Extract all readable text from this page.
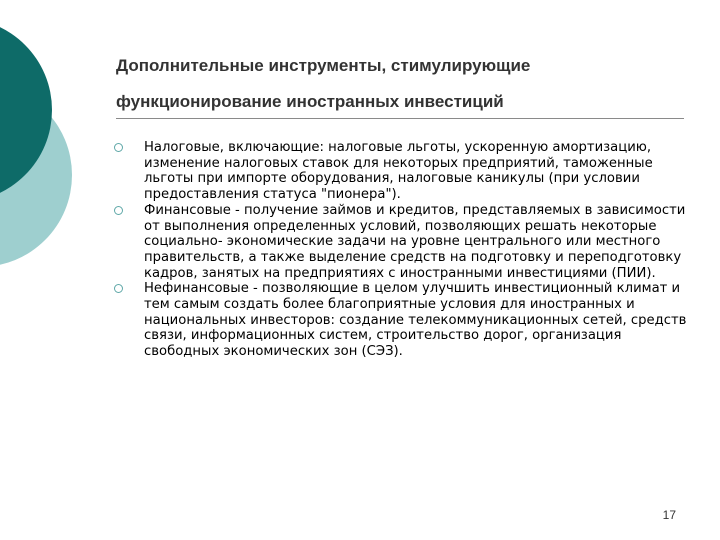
Дополнительные инструменты, стимулирующие
функционирование иностранных инвестиций
Налоговые, включающие: налоговые льготы, ускоренную амортизацию, изменение налоговых ставок для некоторых предприятий, таможенные льготы при импорте оборудования, налоговые каникулы (при условии предоставления статуса "пионера").
Финансовые - получение займов и кредитов, представляемых в зависимости от выполнения определенных условий, позволяющих решать некоторые социально- экономические задачи на уровне центрального или местного правительств, а также выделение средств на подготовку и переподготовку кадров, занятых на предприятиях с иностранными инвестициями (ПИИ).
Нефинансовые - позволяющие в целом улучшить инвестиционный климат и тем самым создать более благоприятные условия для иностранных и национальных инвесторов: создание телекоммуникационных сетей, средств связи, информационных систем, строительство дорог, организация свободных экономических зон (СЭЗ).
17
